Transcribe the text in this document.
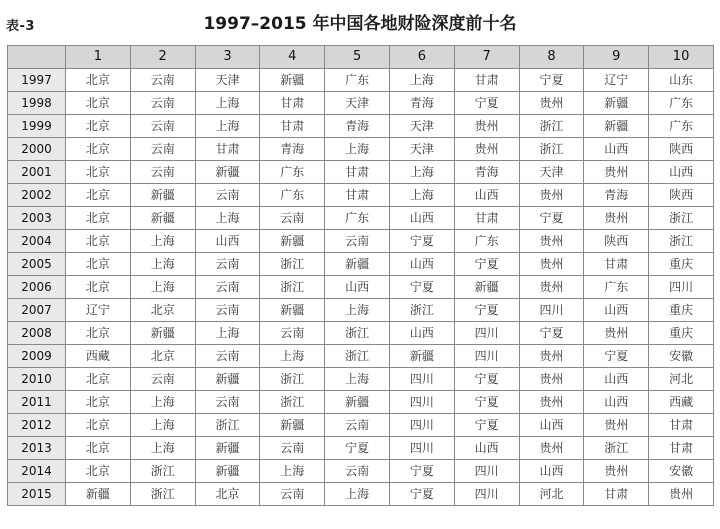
表-3	1997–2015 年中国各地财险深度前十名
	1	2	3	4	5	6	7	8	9	10
1997	北京	云南	天津	新疆	广东	上海	甘肃	宁夏	辽宁	山东
1998	北京	云南	上海	甘肃	天津	青海	宁夏	贵州	新疆	广东
1999	北京	云南	上海	甘肃	青海	天津	贵州	浙江	新疆	广东
2000	北京	云南	甘肃	青海	上海	天津	贵州	浙江	山西	陕西
2001	北京	云南	新疆	广东	甘肃	上海	青海	天津	贵州	山西
2002	北京	新疆	云南	广东	甘肃	上海	山西	贵州	青海	陕西
2003	北京	新疆	上海	云南	广东	山西	甘肃	宁夏	贵州	浙江
2004	北京	上海	山西	新疆	云南	宁夏	广东	贵州	陕西	浙江
2005	北京	上海	云南	浙江	新疆	山西	宁夏	贵州	甘肃	重庆
2006	北京	上海	云南	浙江	山西	宁夏	新疆	贵州	广东	四川
2007	辽宁	北京	云南	新疆	上海	浙江	宁夏	四川	山西	重庆
2008	北京	新疆	上海	云南	浙江	山西	四川	宁夏	贵州	重庆
2009	西藏	北京	云南	上海	浙江	新疆	四川	贵州	宁夏	安徽
2010	北京	云南	新疆	浙江	上海	四川	宁夏	贵州	山西	河北
2011	北京	上海	云南	浙江	新疆	四川	宁夏	贵州	山西	西藏
2012	北京	上海	浙江	新疆	云南	四川	宁夏	山西	贵州	甘肃
2013	北京	上海	新疆	云南	宁夏	四川	山西	贵州	浙江	甘肃
2014	北京	浙江	新疆	上海	云南	宁夏	四川	山西	贵州	安徽
2015	新疆	浙江	北京	云南	上海	宁夏	四川	河北	甘肃	贵州
